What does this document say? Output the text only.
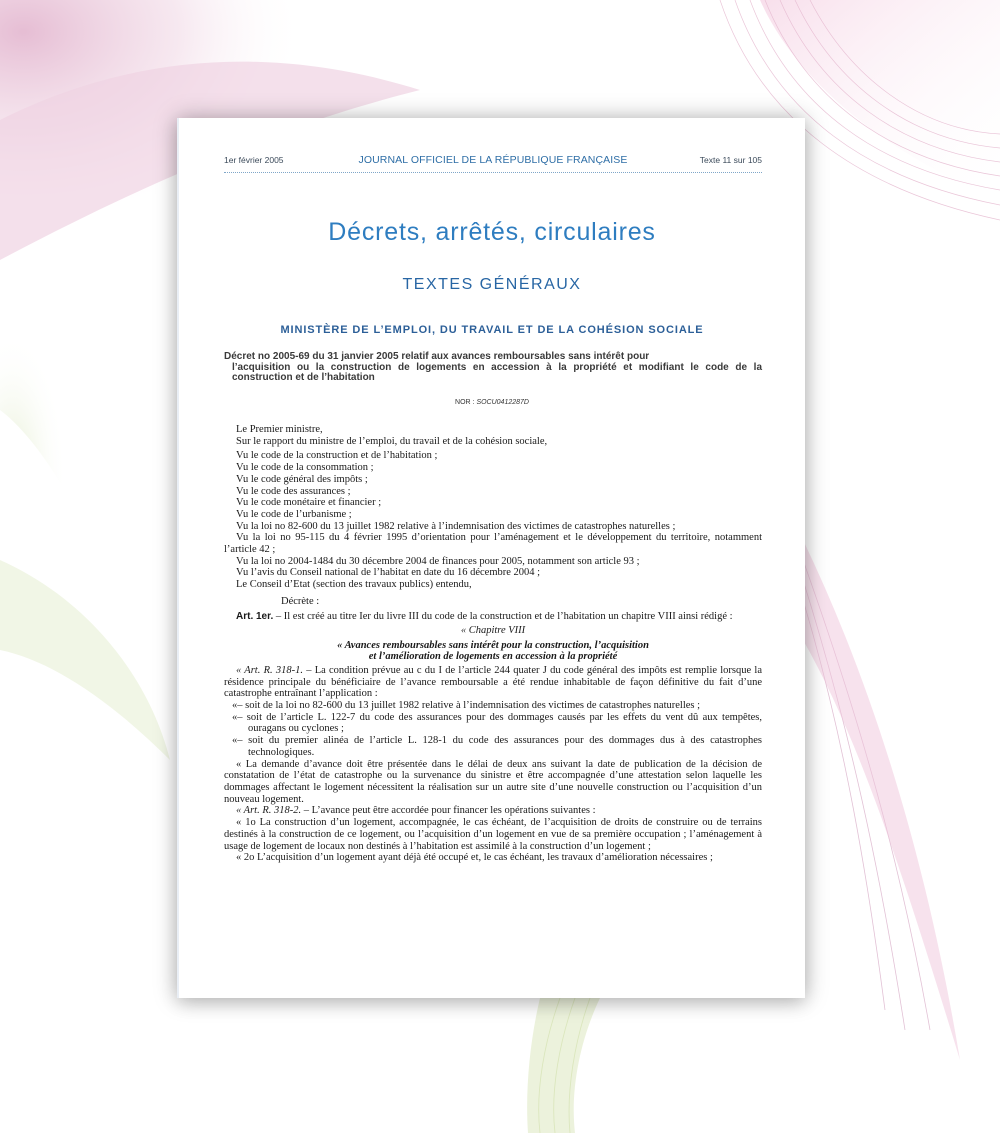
1er février 2005	JOURNAL OFFICIEL DE LA RÉPUBLIQUE FRANÇAISE	Texte 11 sur 105
Décrets, arrêtés, circulaires
TEXTES GÉNÉRAUX
MINISTÈRE DE L’EMPLOI, DU TRAVAIL ET DE LA COHÉSION SOCIALE
Décret no 2005-69 du 31 janvier 2005 relatif aux avances remboursables sans intérêt pour
l’acquisition ou la construction de logements en accession à la propriété et modifiant le code de la construction et de l’habitation
NOR : SOCU0412287D

Le Premier ministre,

Sur le rapport du ministre de l’emploi, du travail et de la cohésion sociale,

Vu le code de la construction et de l’habitation ;

Vu le code de la consommation ;

Vu le code général des impôts ;

Vu le code des assurances ;

Vu le code monétaire et financier ;

Vu le code de l’urbanisme ;

Vu la loi no 82-600 du 13 juillet 1982 relative à l’indemnisation des victimes de catastrophes naturelles ;

Vu la loi no 95-115 du 4 février 1995 d’orientation pour l’aménagement et le développement du territoire, notamment l’article 42 ;

Vu la loi no 2004-1484 du 30 décembre 2004 de finances pour 2005, notamment son article 93 ;

Vu l’avis du Conseil national de l’habitat en date du 16 décembre 2004 ;

Le Conseil d’Etat (section des travaux publics) entendu,

Décrète :

Art. 1er. – Il est créé au titre Ier du livre III du code de la construction et de l’habitation un chapitre VIII ainsi rédigé :

« Chapitre VIII

« Avances remboursables sans intérêt pour la construction, l’acquisition

et l’amélioration de logements en accession à la propriété

« Art. R. 318-1. – La condition prévue au c du I de l’article 244 quater J du code général des impôts est remplie lorsque la résidence principale du bénéficiaire de l’avance remboursable a été rendue inhabitable de façon définitive du fait d’une catastrophe entraînant l’application :

«– soit de la loi no 82-600 du 13 juillet 1982 relative à l’indemnisation des victimes de catastrophes naturelles ;

«– soit de l’article L. 122-7 du code des assurances pour des dommages causés par les effets du vent dû aux tempêtes, ouragans ou cyclones ;

«– soit du premier alinéa de l’article L. 128-1 du code des assurances pour des dommages dus à des catastrophes technologiques.

« La demande d’avance doit être présentée dans le délai de deux ans suivant la date de publication de la décision de constatation de l’état de catastrophe ou la survenance du sinistre et être accompagnée d’une attestation selon laquelle les dommages affectant le logement nécessitent la réalisation sur un autre site d’une nouvelle construction ou l’acquisition d’un nouveau logement.

« Art. R. 318-2. – L’avance peut être accordée pour financer les opérations suivantes :

« 1o La construction d’un logement, accompagnée, le cas échéant, de l’acquisition de droits de construire ou de terrains destinés à la construction de ce logement, ou l’acquisition d’un logement en vue de sa première occupation ; l’aménagement à usage de logement de locaux non destinés à l’habitation est assimilé à la construction d’un logement ;

« 2o L’acquisition d’un logement ayant déjà été occupé et, le cas échéant, les travaux d’amélioration nécessaires ;
